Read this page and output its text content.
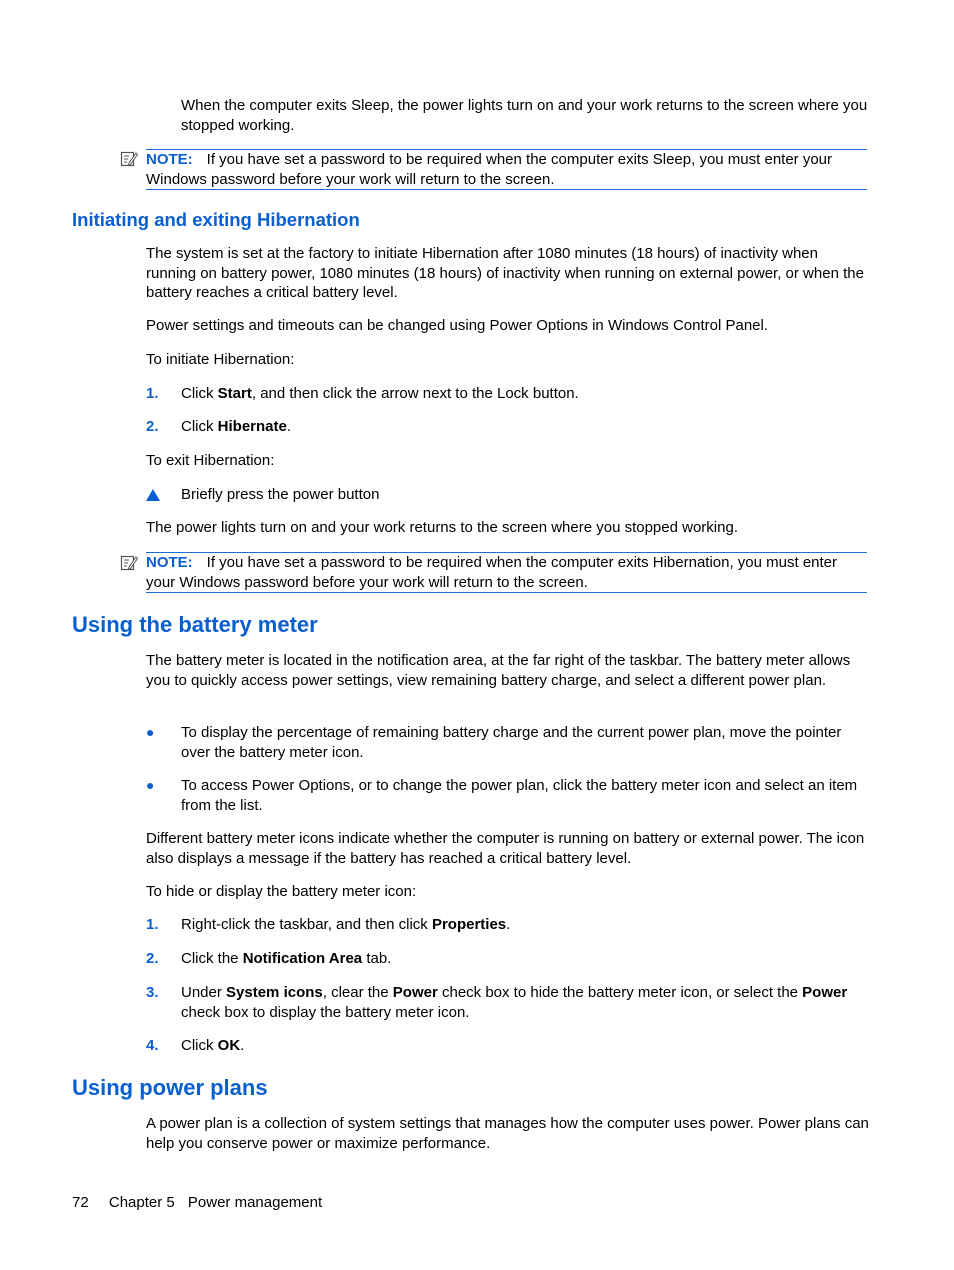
When the computer exits Sleep, the power lights turn on and your work returns to the screen where you stopped working.

NOTE: If you have set a password to be required when the computer exits Sleep, you must enter your Windows password before your work will return to the screen.
Initiating and exiting Hibernation

The system is set at the factory to initiate Hibernation after 1080 minutes (18 hours) of inactivity when running on battery power, 1080 minutes (18 hours) of inactivity when running on external power, or when the battery reaches a critical battery level.

Power settings and timeouts can be changed using Power Options in Windows Control Panel.

To initiate Hibernation:

1. Click Start, and then click the arrow next to the Lock button.
2. Click Hibernate.

To exit Hibernation:

Briefly press the power button

The power lights turn on and your work returns to the screen where you stopped working.

NOTE: If you have set a password to be required when the computer exits Hibernation, you must enter your Windows password before your work will return to the screen.
Using the battery meter

The battery meter is located in the notification area, at the far right of the taskbar. The battery meter allows you to quickly access power settings, view remaining battery charge, and select a different power plan.

● To display the percentage of remaining battery charge and the current power plan, move the pointer over the battery meter icon.
● To access Power Options, or to change the power plan, click the battery meter icon and select an item from the list.

Different battery meter icons indicate whether the computer is running on battery or external power. The icon also displays a message if the battery has reached a critical battery level.

To hide or display the battery meter icon:

1. Right-click the taskbar, and then click Properties.
2. Click the Notification Area tab.
3. Under System icons, clear the Power check box to hide the battery meter icon, or select the Power check box to display the battery meter icon.
4. Click OK.
Using power plans

A power plan is a collection of system settings that manages how the computer uses power. Power plans can help you conserve power or maximize performance.

72 Chapter 5 Power management
